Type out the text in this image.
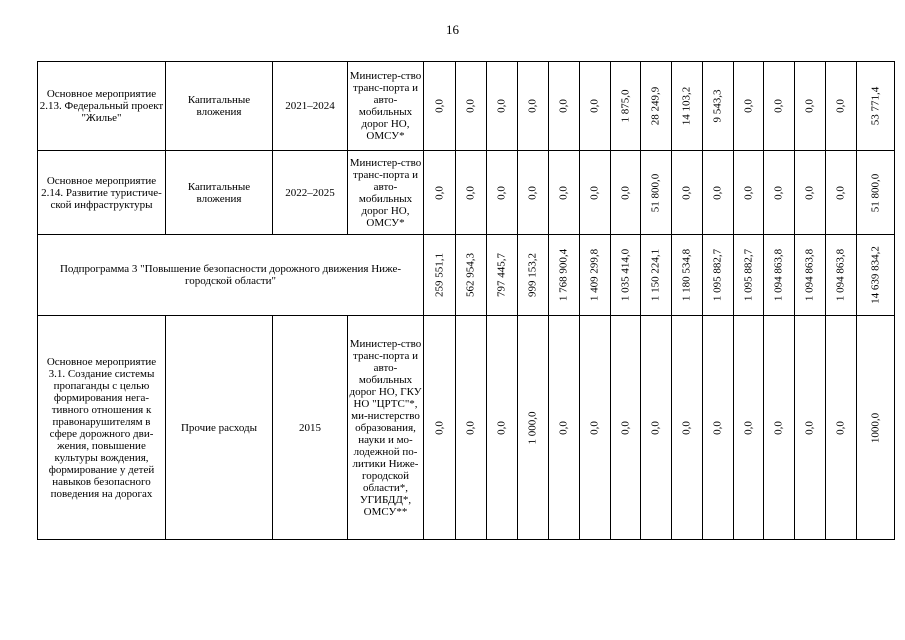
16
Основное мероприятие 2.13. Федеральный проект "Жилье"	Капитальные вложения	2021–2024	Министер-ство транс-порта и авто-мобильных дорог НО, ОМСУ*	0,0	0,0	0,0	0,0	0,0	0,0	1 875,0	28 249,9	14 103,2	9 543,3	0,0	0,0	0,0	0,0	53 771,4

Основное мероприятие 2.14. Развитие туристиче-ской инфраструктуры	Капитальные вложения	2022–2025	Министер-ство транс-порта и авто-мобильных дорог НО, ОМСУ*	0,0	0,0	0,0	0,0	0,0	0,0	0,0	51 800,0	0,0	0,0	0,0	0,0	0,0	0,0	51 800,0

Подпрограмма 3 "Повышение безопасности дорожного движения Ниже-городской области"				259 551,1	562 954,3	797 445,7	999 153,2	1 768 900,4	1 409 299,8	1 035 414,0	1 150 224,1	1 180 534,8	1 095 882,7	1 095 882,7	1 094 863,8	1 094 863,8	1 094 863,8	14 639 834,2

Основное мероприятие 3.1. Создание системы пропаганды с целью формирования нега-тивного отношения к правонарушителям в сфере дорожного дви-жения, повышение культуры вождения, формирование у детей навыков безопасного поведения на дорогах	Прочие расходы	2015	Министер-ство транс-порта и авто-мобильных дорог НО, ГКУ НО "ЦРТС"*, ми-нистерство образования, науки и мо-лодежной по-литики Ниже-городской области*, УГИБДД*, ОМСУ**	0,0	0,0	0,0	1 000,0	0,0	0,0	0,0	0,0	0,0	0,0	0,0	0,0	0,0	0,0	1000,0
